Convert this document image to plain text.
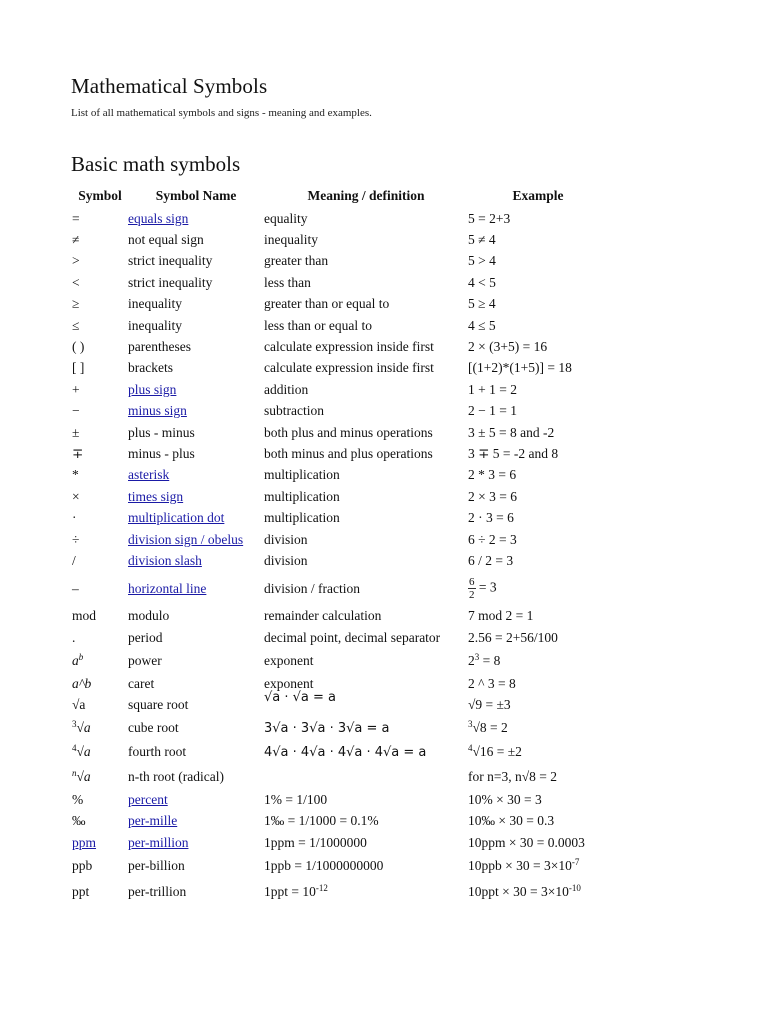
Mathematical Symbols

List of all mathematical symbols and signs - meaning and examples.

Basic math symbols
Symbol	Symbol Name	Meaning / definition	Example
=	equals sign	equality	5 = 2+3
≠	not equal sign	inequality	5 ≠ 4
>	strict inequality	greater than	5 > 4
<	strict inequality	less than	4 < 5
≥	inequality	greater than or equal to	5 ≥ 4
≤	inequality	less than or equal to	4 ≤ 5
( )	parentheses	calculate expression inside first	2 × (3+5) = 16
[ ]	brackets	calculate expression inside first	[(1+2)*(1+5)] = 18
+	plus sign	addition	1 + 1 = 2
−	minus sign	subtraction	2 − 1 = 1
±	plus - minus	both plus and minus operations	3 ± 5 = 8 and -2
∓	minus - plus	both minus and plus operations	3 ∓ 5 = -2 and 8
*	asterisk	multiplication	2 * 3 = 6
×	times sign	multiplication	2 × 3 = 6
·	multiplication dot	multiplication	2 · 3 = 6
÷	division sign / obelus	division	6 ÷ 2 = 3
/	division slash	division	6 / 2 = 3
–	horizontal line	division / fraction	$\frac{6}{2} = 3$
mod	modulo	remainder calculation	7 mod 2 = 1
.	period	decimal point, decimal separator	2.56 = 2+56/100
$a^b$	power	exponent	$2^3 = 8$
a^b	caret	exponent	2 ^ 3 = 8
√a	square root	√a · √a = a	√9 = ±3
$^3$√a	cube root	3√a · 3√a · 3√a = a	$^3$√8 = 2
$^4$√a	fourth root	4√a · 4√a · 4√a · 4√a = a	$^4$√16 = ±2
$^n$√a	n-th root (radical)		for n=3, n√8 = 2
%	percent	1% = 1/100	10% × 30 = 3
‰	per-mille	1‰ = 1/1000 = 0.1%	10‰ × 30 = 0.3
ppm	per-million	1ppm = 1/1000000	10ppm × 30 = 0.0003
ppb	per-billion	1ppb = 1/1000000000	$10ppb \times 30 = 3\times 10^{-7}$
ppt	per-trillion	$1ppt = 10^{-12}$	$10ppt \times 30 = 3\times 10^{-10}$
